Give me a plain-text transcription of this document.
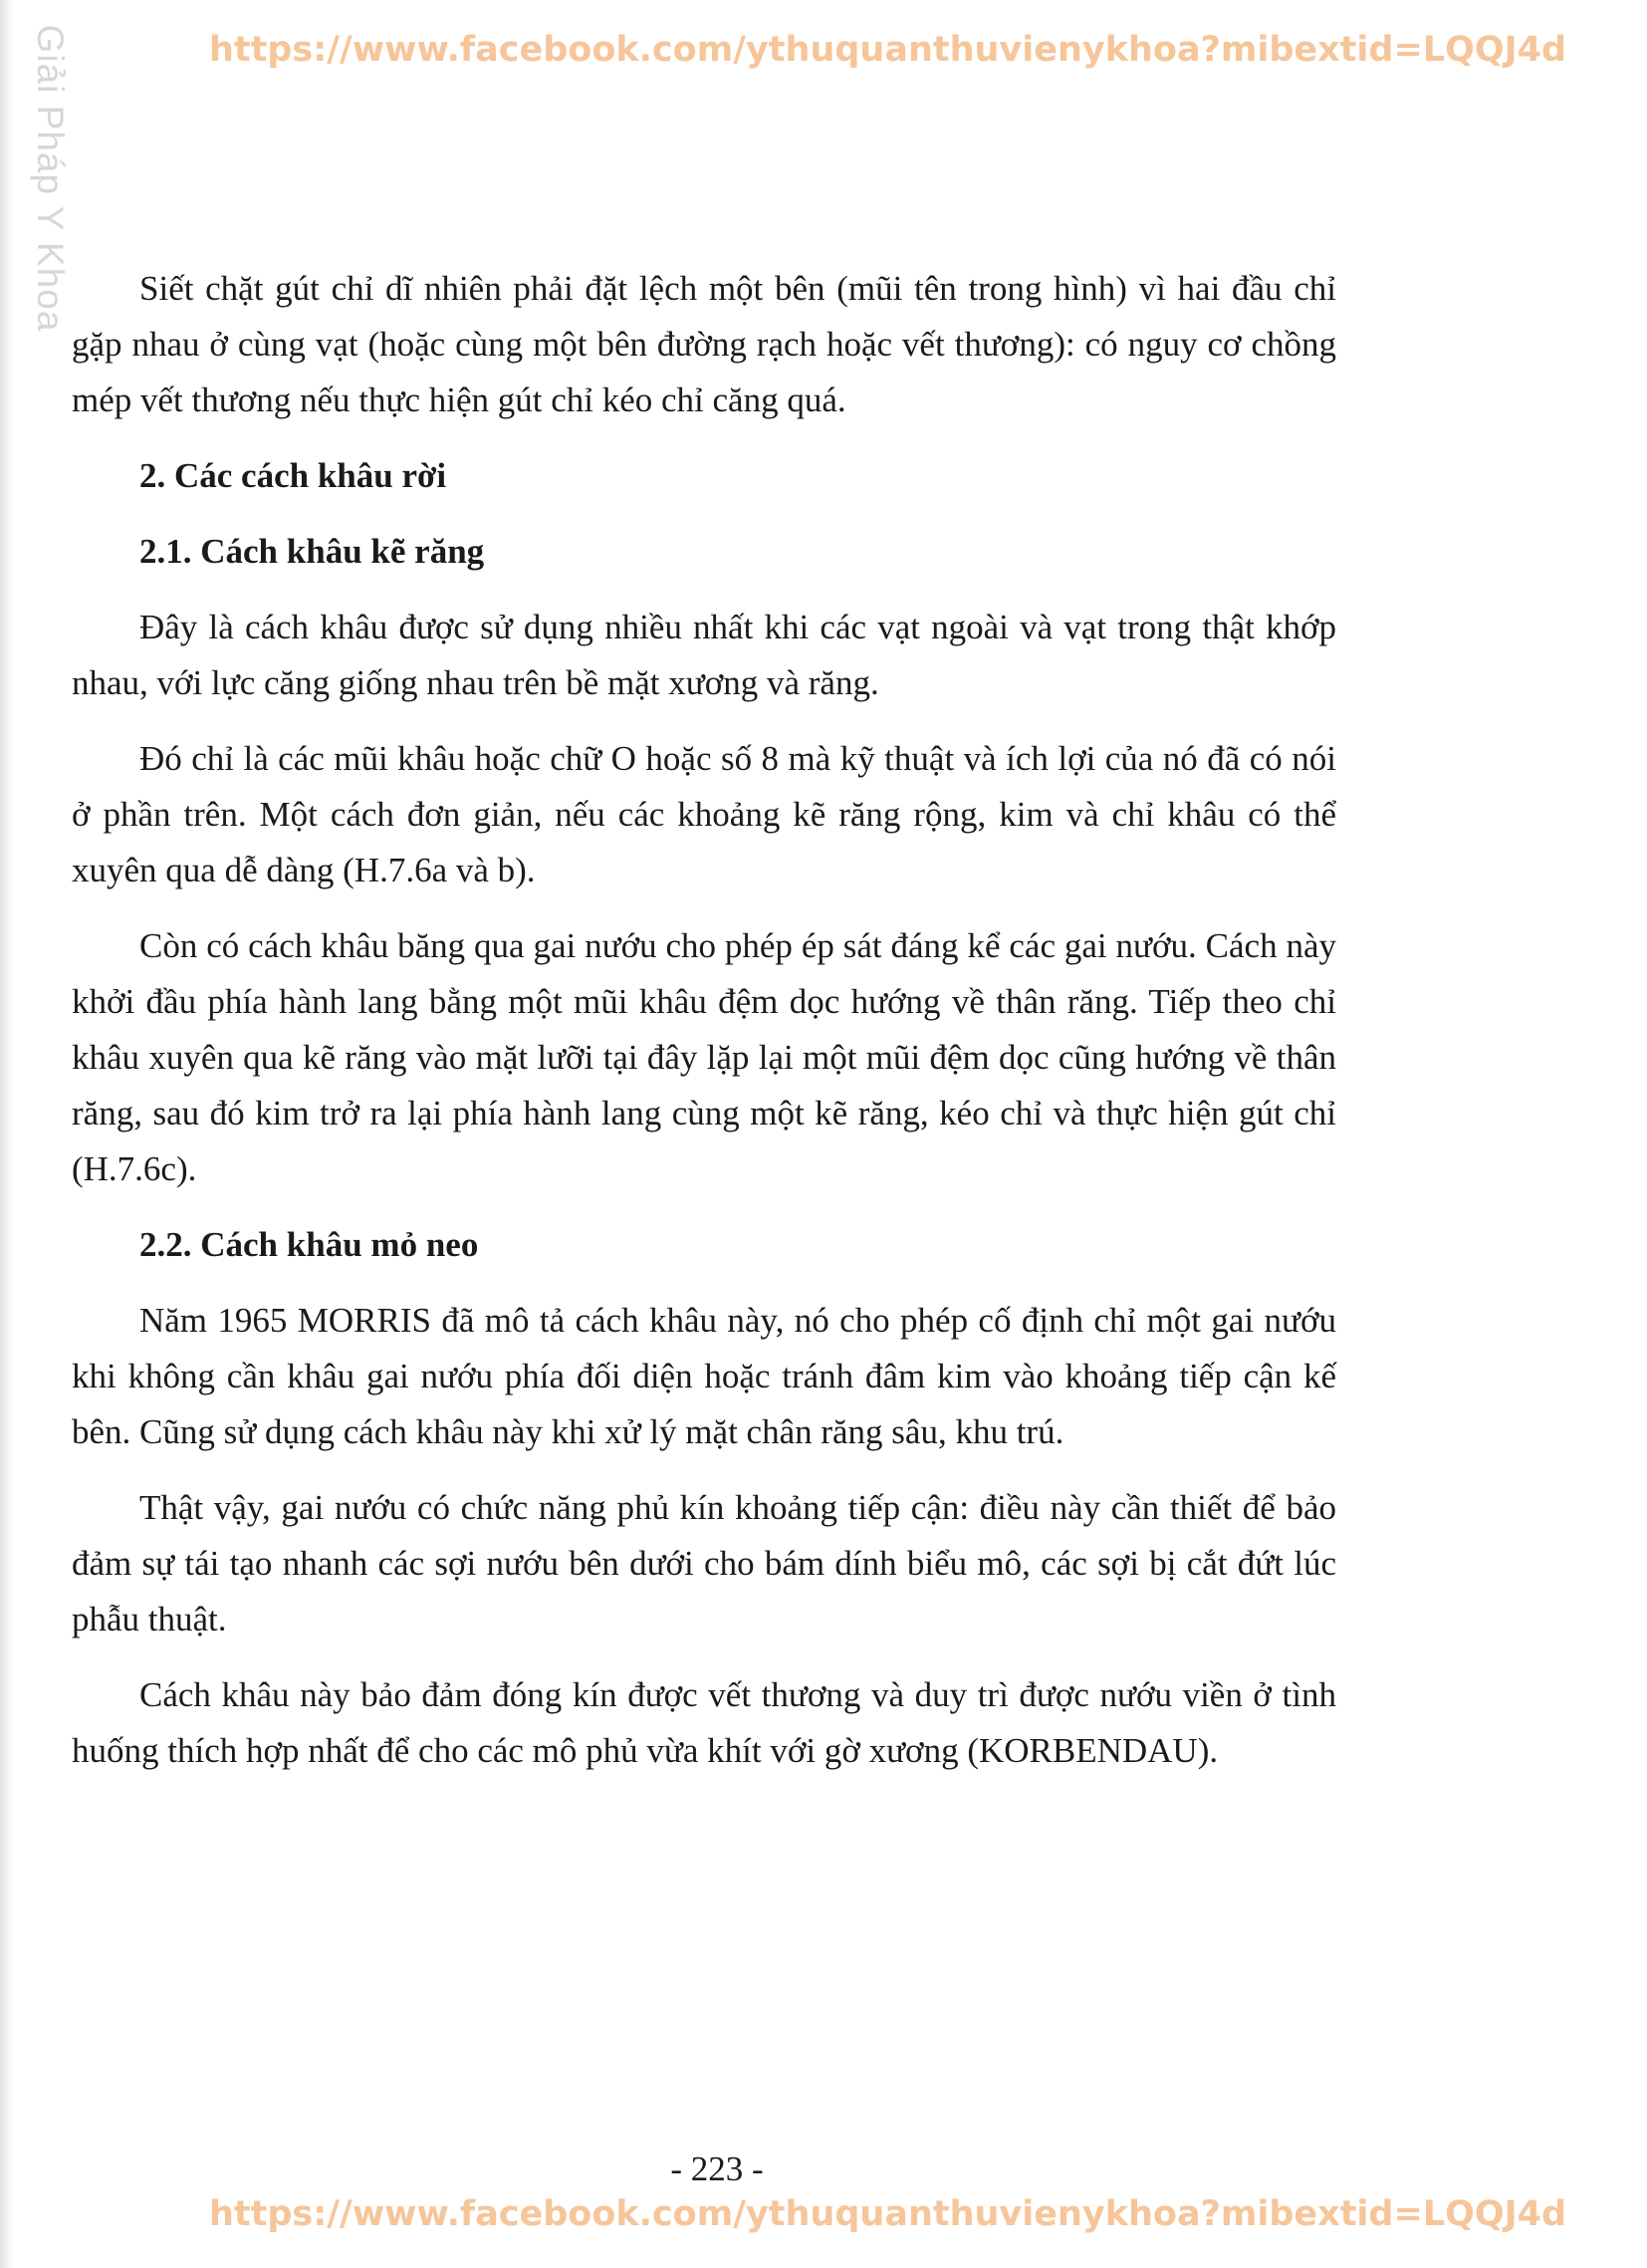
Giải Pháp Y Khoa	https://www.facebook.com/ythuquanthuvienykhoa?mibextid=LQQJ4d

Siết chặt gút chỉ dĩ nhiên phải đặt lệch một bên (mũi tên trong hình) vì hai đầu chỉ gặp nhau ở cùng vạt (hoặc cùng một bên đường rạch hoặc vết thương): có nguy cơ chồng mép vết thương nếu thực hiện gút chỉ kéo chỉ căng quá.

2. Các cách khâu rời
2.1. Cách khâu kẽ răng

Đây là cách khâu được sử dụng nhiều nhất khi các vạt ngoài và vạt trong thật khớp nhau, với lực căng giống nhau trên bề mặt xương và răng.

Đó chỉ là các mũi khâu hoặc chữ O hoặc số 8 mà kỹ thuật và ích lợi của nó đã có nói ở phần trên. Một cách đơn giản, nếu các khoảng kẽ răng rộng, kim và chỉ khâu có thể xuyên qua dễ dàng (H.7.6a và b).

Còn có cách khâu băng qua gai nướu cho phép ép sát đáng kể các gai nướu. Cách này khởi đầu phía hành lang bằng một mũi khâu đệm dọc hướng về thân răng. Tiếp theo chỉ khâu xuyên qua kẽ răng vào mặt lưỡi tại đây lặp lại một mũi đệm dọc cũng hướng về thân răng, sau đó kim trở ra lại phía hành lang cùng một kẽ răng, kéo chỉ và thực hiện gút chỉ (H.7.6c).

2.2. Cách khâu mỏ neo

Năm 1965 MORRIS đã mô tả cách khâu này, nó cho phép cố định chỉ một gai nướu khi không cần khâu gai nướu phía đối diện hoặc tránh đâm kim vào khoảng tiếp cận kế bên. Cũng sử dụng cách khâu này khi xử lý mặt chân răng sâu, khu trú.

Thật vậy, gai nướu có chức năng phủ kín khoảng tiếp cận: điều này cần thiết để bảo đảm sự tái tạo nhanh các sợi nướu bên dưới cho bám dính biểu mô, các sợi bị cắt đứt lúc phẫu thuật.

Cách khâu này bảo đảm đóng kín được vết thương và duy trì được nướu viền ở tình huống thích hợp nhất để cho các mô phủ vừa khít với gờ xương (KORBENDAU).

- 223 -
https://www.facebook.com/ythuquanthuvienykhoa?mibextid=LQQJ4d
